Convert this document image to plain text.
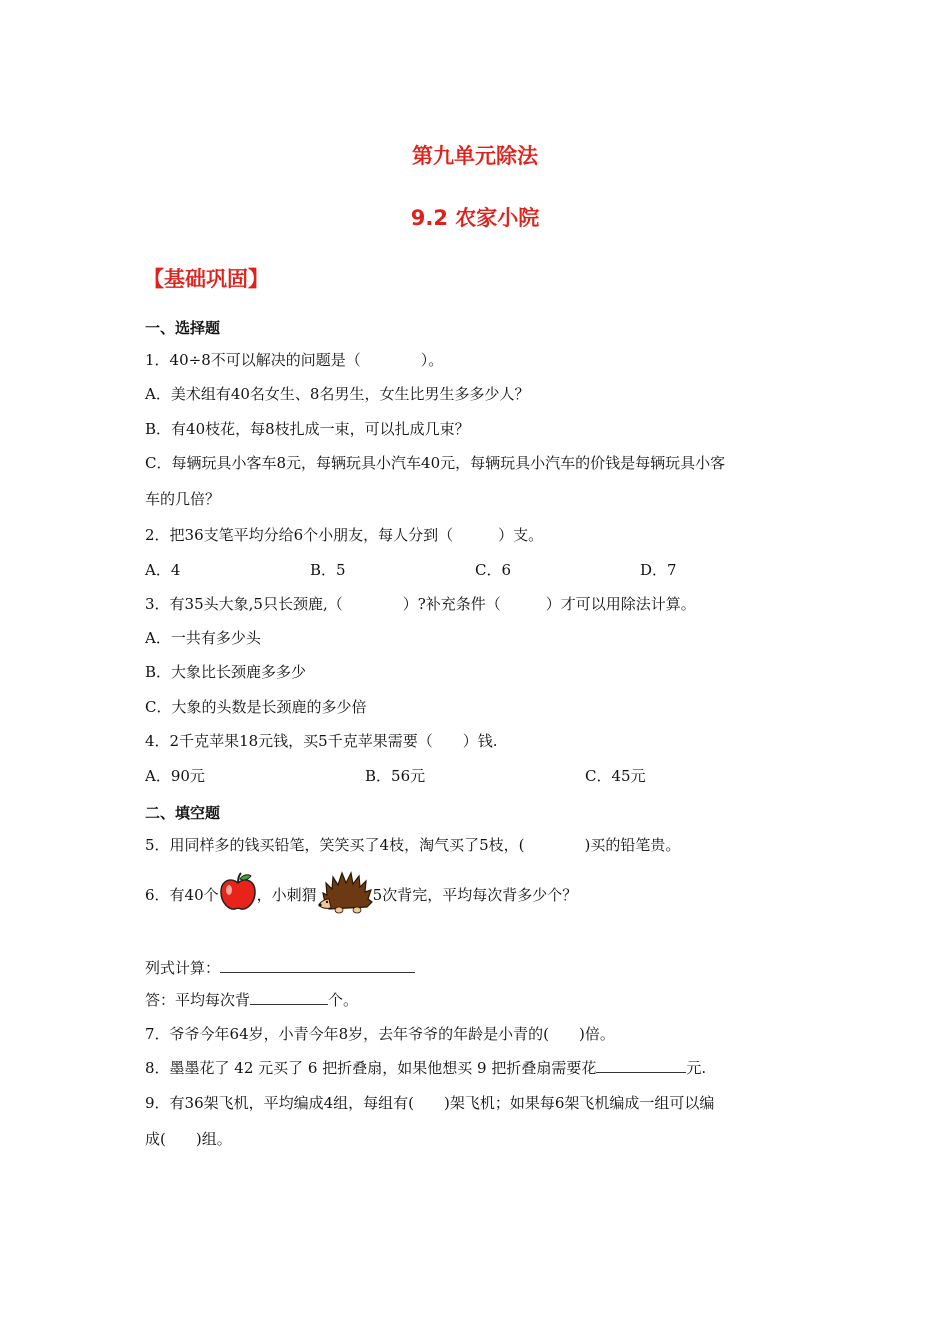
第九单元除法
9.2 农家小院
【基础巩固】
一、选择题
1．40÷8不可以解决的问题是（　　　　）。
A．美术组有40名女生、8名男生，女生比男生多多少人？
B．有40枝花，每8枝扎成一束，可以扎成几束？
C．每辆玩具小客车8元，每辆玩具小汽车40元，每辆玩具小汽车的价钱是每辆玩具小客
车的几倍？
2．把36支笔平均分给6个小朋友，每人分到（　　　）支。
A．4	B．5	C．6	D．7
3．有35头大象,5只长颈鹿,（　　　　）?补充条件（　　　）才可以用除法计算。
A．一共有多少头
B．大象比长颈鹿多多少
C．大象的头数是长颈鹿的多少倍
4．2千克苹果18元钱，买5千克苹果需要（　　）钱.
A．90元	B．56元	C．45元
二、填空题
5．用同样多的钱买铅笔，笑笑买了4枝，淘气买了5枝，(　　　　)买的铅笔贵。
6．有40个	，小刺猬	5次背完，平均每次背多少个？
列式计算：
答：平均每次背	个。
7．爷爷今年64岁，小青今年8岁，去年爷爷的年龄是小青的(　　)倍。
8．墨墨花了 42 元买了 6 把折叠扇，如果他想买 9 把折叠扇需要花	元.
9．有36架飞机，平均编成4组，每组有(　　)架飞机；如果每6架飞机编成一组可以编
成(　　)组。
